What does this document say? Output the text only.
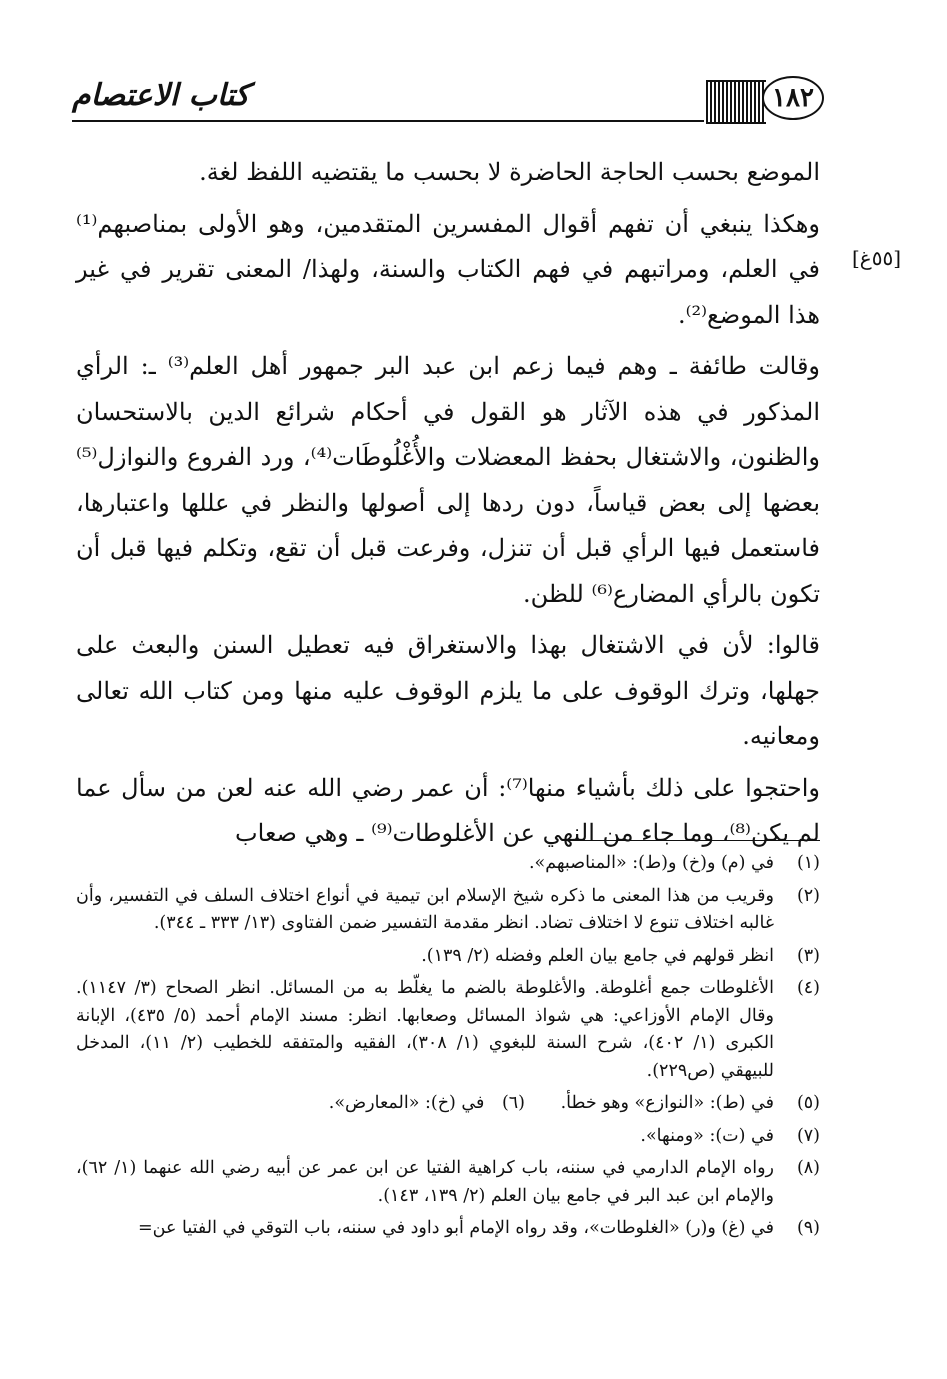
كتاب الاعتصام	١٨٢
[٥٥غ]

الموضع بحسب الحاجة الحاضرة لا بحسب ما يقتضيه اللفظ لغة.

وهكذا ينبغي أن تفهم أقوال المفسرين المتقدمين، وهو الأولى بمناصبهم⁽¹⁾ في العلم، ومراتبهم في فهم الكتاب والسنة، ولهذا/ المعنى تقرير في غير هذا الموضع⁽²⁾.

وقالت طائفة ـ وهم فيما زعم ابن عبد البر جمهور أهل العلم⁽³⁾ ـ: الرأي المذكور في هذه الآثار هو القول في أحكام شرائع الدين بالاستحسان والظنون، والاشتغال بحفظ المعضلات والأُغْلُوطَات⁽⁴⁾، ورد الفروع والنوازل⁽⁵⁾ بعضها إلى بعض قياساً، دون ردها إلى أصولها والنظر في عللها واعتبارها، فاستعمل فيها الرأي قبل أن تنزل، وفرعت قبل أن تقع، وتكلم فيها قبل أن تكون بالرأي المضارع⁽⁶⁾ للظن.

قالوا: لأن في الاشتغال بهذا والاستغراق فيه تعطيل السنن والبعث على جهلها، وترك الوقوف على ما يلزم الوقوف عليه منها ومن كتاب الله تعالى ومعانيه.

واحتجوا على ذلك بأشياء منها⁽⁷⁾: أن عمر رضي الله عنه لعن من سأل عما لم يكن⁽⁸⁾، وما جاء من النهي عن الأغلوطات⁽⁹⁾ ـ وهي صعاب

(١)
في (م) و(خ) و(ط): «المناصبهم».
(٢)
وقريب من هذا المعنى ما ذكره شيخ الإسلام ابن تيمية في أنواع اختلاف السلف في التفسير، وأن غالبه اختلاف تنوع لا اختلاف تضاد. انظر مقدمة التفسير ضمن الفتاوى (١٣/ ٣٣٣ ـ ٣٤٤).
(٣)
انظر قولهم في جامع بيان العلم وفضله (٢/ ١٣٩).
(٤)
الأغلوطات جمع أغلوطة. والأغلوطة بالضم ما يغلّط به من المسائل. انظر الصحاح (٣/ ١١٤٧). وقال الإمام الأوزاعي: هي شواذ المسائل وصعابها. انظر: مسند الإمام أحمد (٥/ ٤٣٥)، الإبانة الكبرى (١/ ٤٠٢)، شرح السنة للبغوي (١/ ٣٠٨)، الفقيه والمتفقه للخطيب (٢/ ١١)، المدخل للبيهقي (ص٢٢٩).
(٥)
في (ط): «النوازع» وهو خطأ. (٦) في (خ): «المعارض».
(٧)
في (ت): «ومنها».
(٨)
رواه الإمام الدارمي في سننه، باب كراهية الفتيا عن ابن عمر عن أبيه رضي الله عنهما (١/ ٦٢)، والإمام ابن عبد البر في جامع بيان العلم (٢/ ١٣٩، ١٤٣).
(٩)
في (غ) و(ر) «الغلوطات»، وقد رواه الإمام أبو داود في سننه، باب التوقي في الفتيا عن=
